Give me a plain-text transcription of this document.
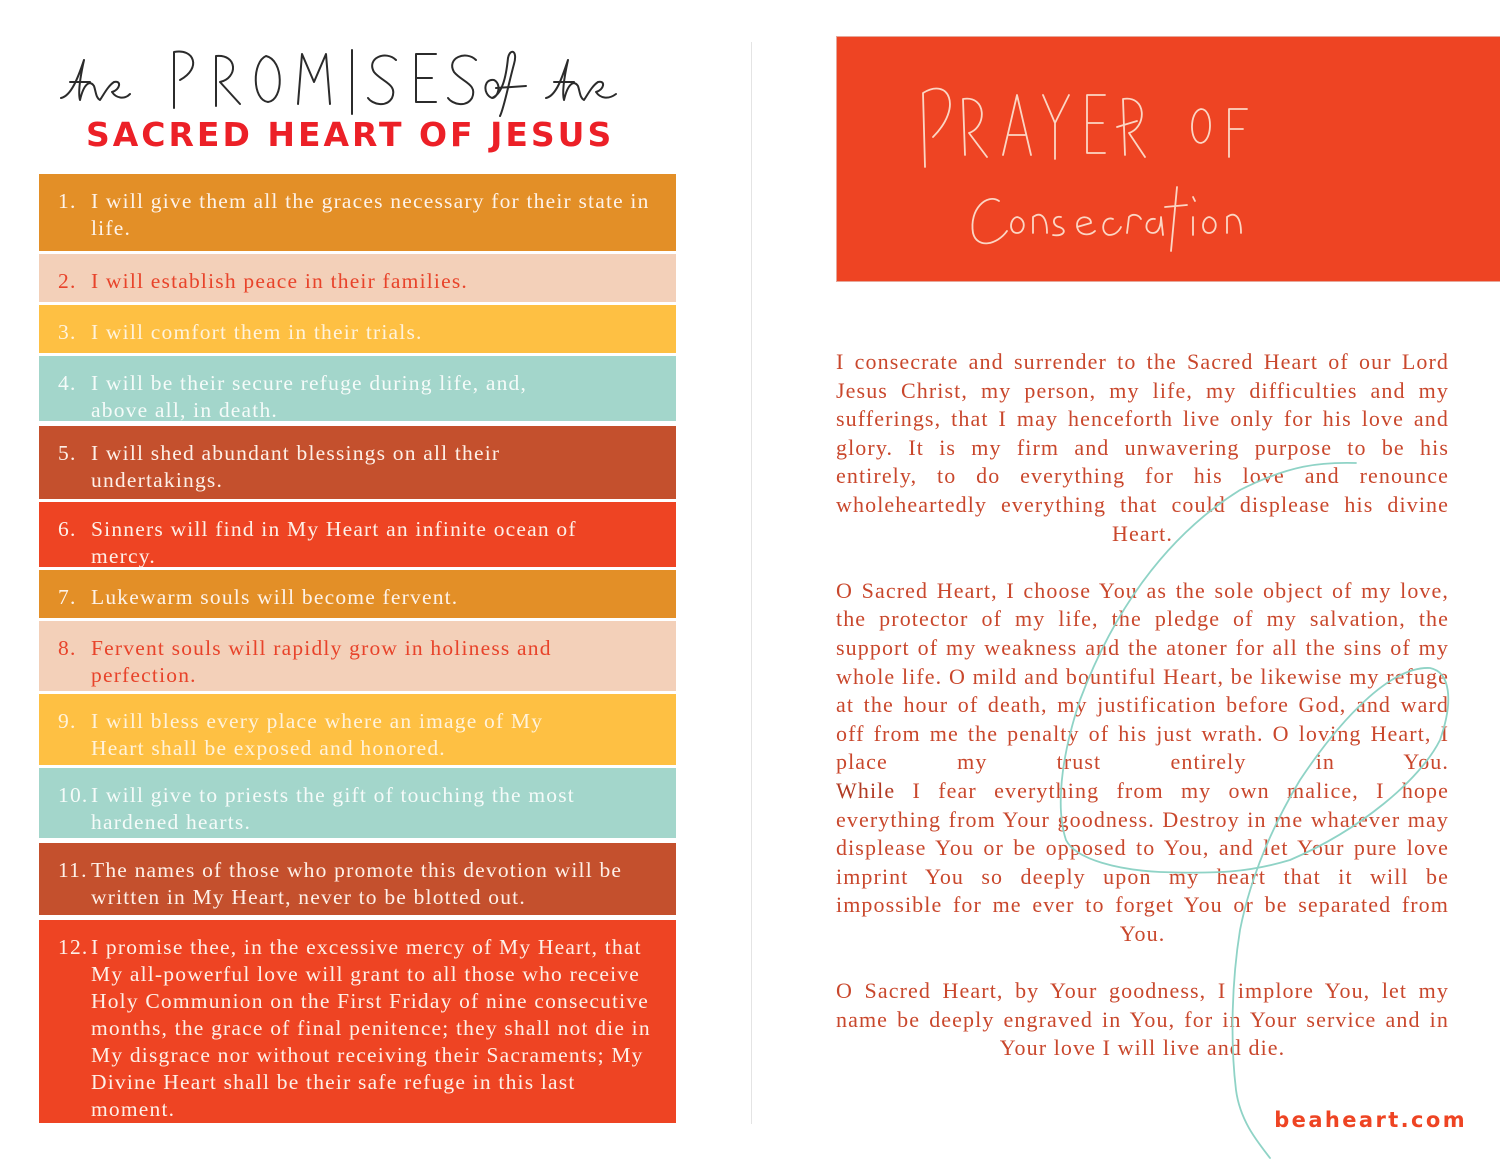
SACRED HEART OF JESUS
1. I will give them all the graces necessary for their state in life.
2. I will establish peace in their families.
3. I will comfort them in their trials.
4. I will be their secure refuge during life, and, above all, in death.
5. I will shed abundant blessings on all their undertakings.
6. Sinners will find in My Heart an infinite ocean of mercy.
7. Lukewarm souls will become fervent.
8. Fervent souls will rapidly grow in holiness and perfection.
9. I will bless every place where an image of My Heart shall be exposed and honored.
10. I will give to priests the gift of touching the most hardened hearts.
11. The names of those who promote this devotion will be written in My Heart, never to be blotted out.
12. I promise thee, in the excessive mercy of My Heart, that My all-powerful love will grant to all those who receive Holy Communion on the First Friday of nine consecutive months, the grace of final penitence; they shall not die in My disgrace nor without receiving their Sacraments; My Divine Heart shall be their safe refuge in this last moment.

I consecrate and surrender to the Sacred Heart of our Lord Jesus Christ, my person, my life, my difficulties and my sufferings, that I may henceforth live only for his love and glory. It is my firm and unwavering purpose to be his entirely, to do everything for his love and renounce wholeheartedly everything that could displease his divine Heart.

O Sacred Heart, I choose You as the sole object of my love, the protector of my life, the pledge of my salvation, the support of my weakness and the atoner for all the sins of my whole life. O mild and bountiful Heart, be likewise my refuge at the hour of death, my justification before God, and ward off from me the penalty of his just wrath. O loving Heart, I place my trust entirely in You.

While I fear everything from my own malice, I hope everything from Your goodness. Destroy in me whatever may displease You or be opposed to You, and let Your pure love imprint You so deeply upon my heart that it will be impossible for me ever to forget You or be separated from You.

O Sacred Heart, by Your goodness, I implore You, let my name be deeply engraved in You, for in Your service and in Your love I will live and die.

beaheart.com
